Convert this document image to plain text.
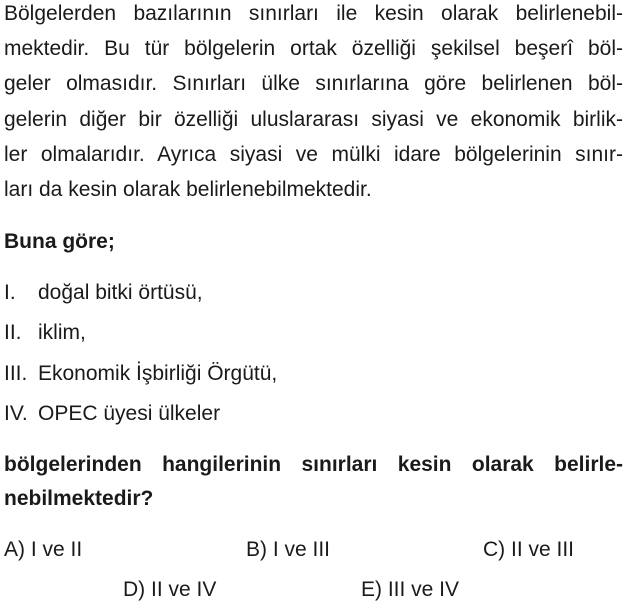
Bölgelerden bazılarının sınırları ile kesin olarak belirlenebil-
mektedir. Bu tür bölgelerin ortak özelliği şekilsel beşerî böl-
geler olmasıdır. Sınırları ülke sınırlarına göre belirlenen böl-
gelerin diğer bir özelliği uluslararası siyasi ve ekonomik birlik-
ler olmalarıdır. Ayrıca siyasi ve mülki idare bölgelerinin sınır-
ları da kesin olarak belirlenebilmektedir.
Buna göre;
I. doğal bitki örtüsü,
II. iklim,
III. Ekonomik İşbirliği Örgütü,
IV. OPEC üyesi ülkeler
bölgelerinden hangilerinin sınırları kesin olarak belirle-
nebilmektedir?
A) I ve II	B) I ve III	C) II ve III
D) II ve IV	E) III ve IV
